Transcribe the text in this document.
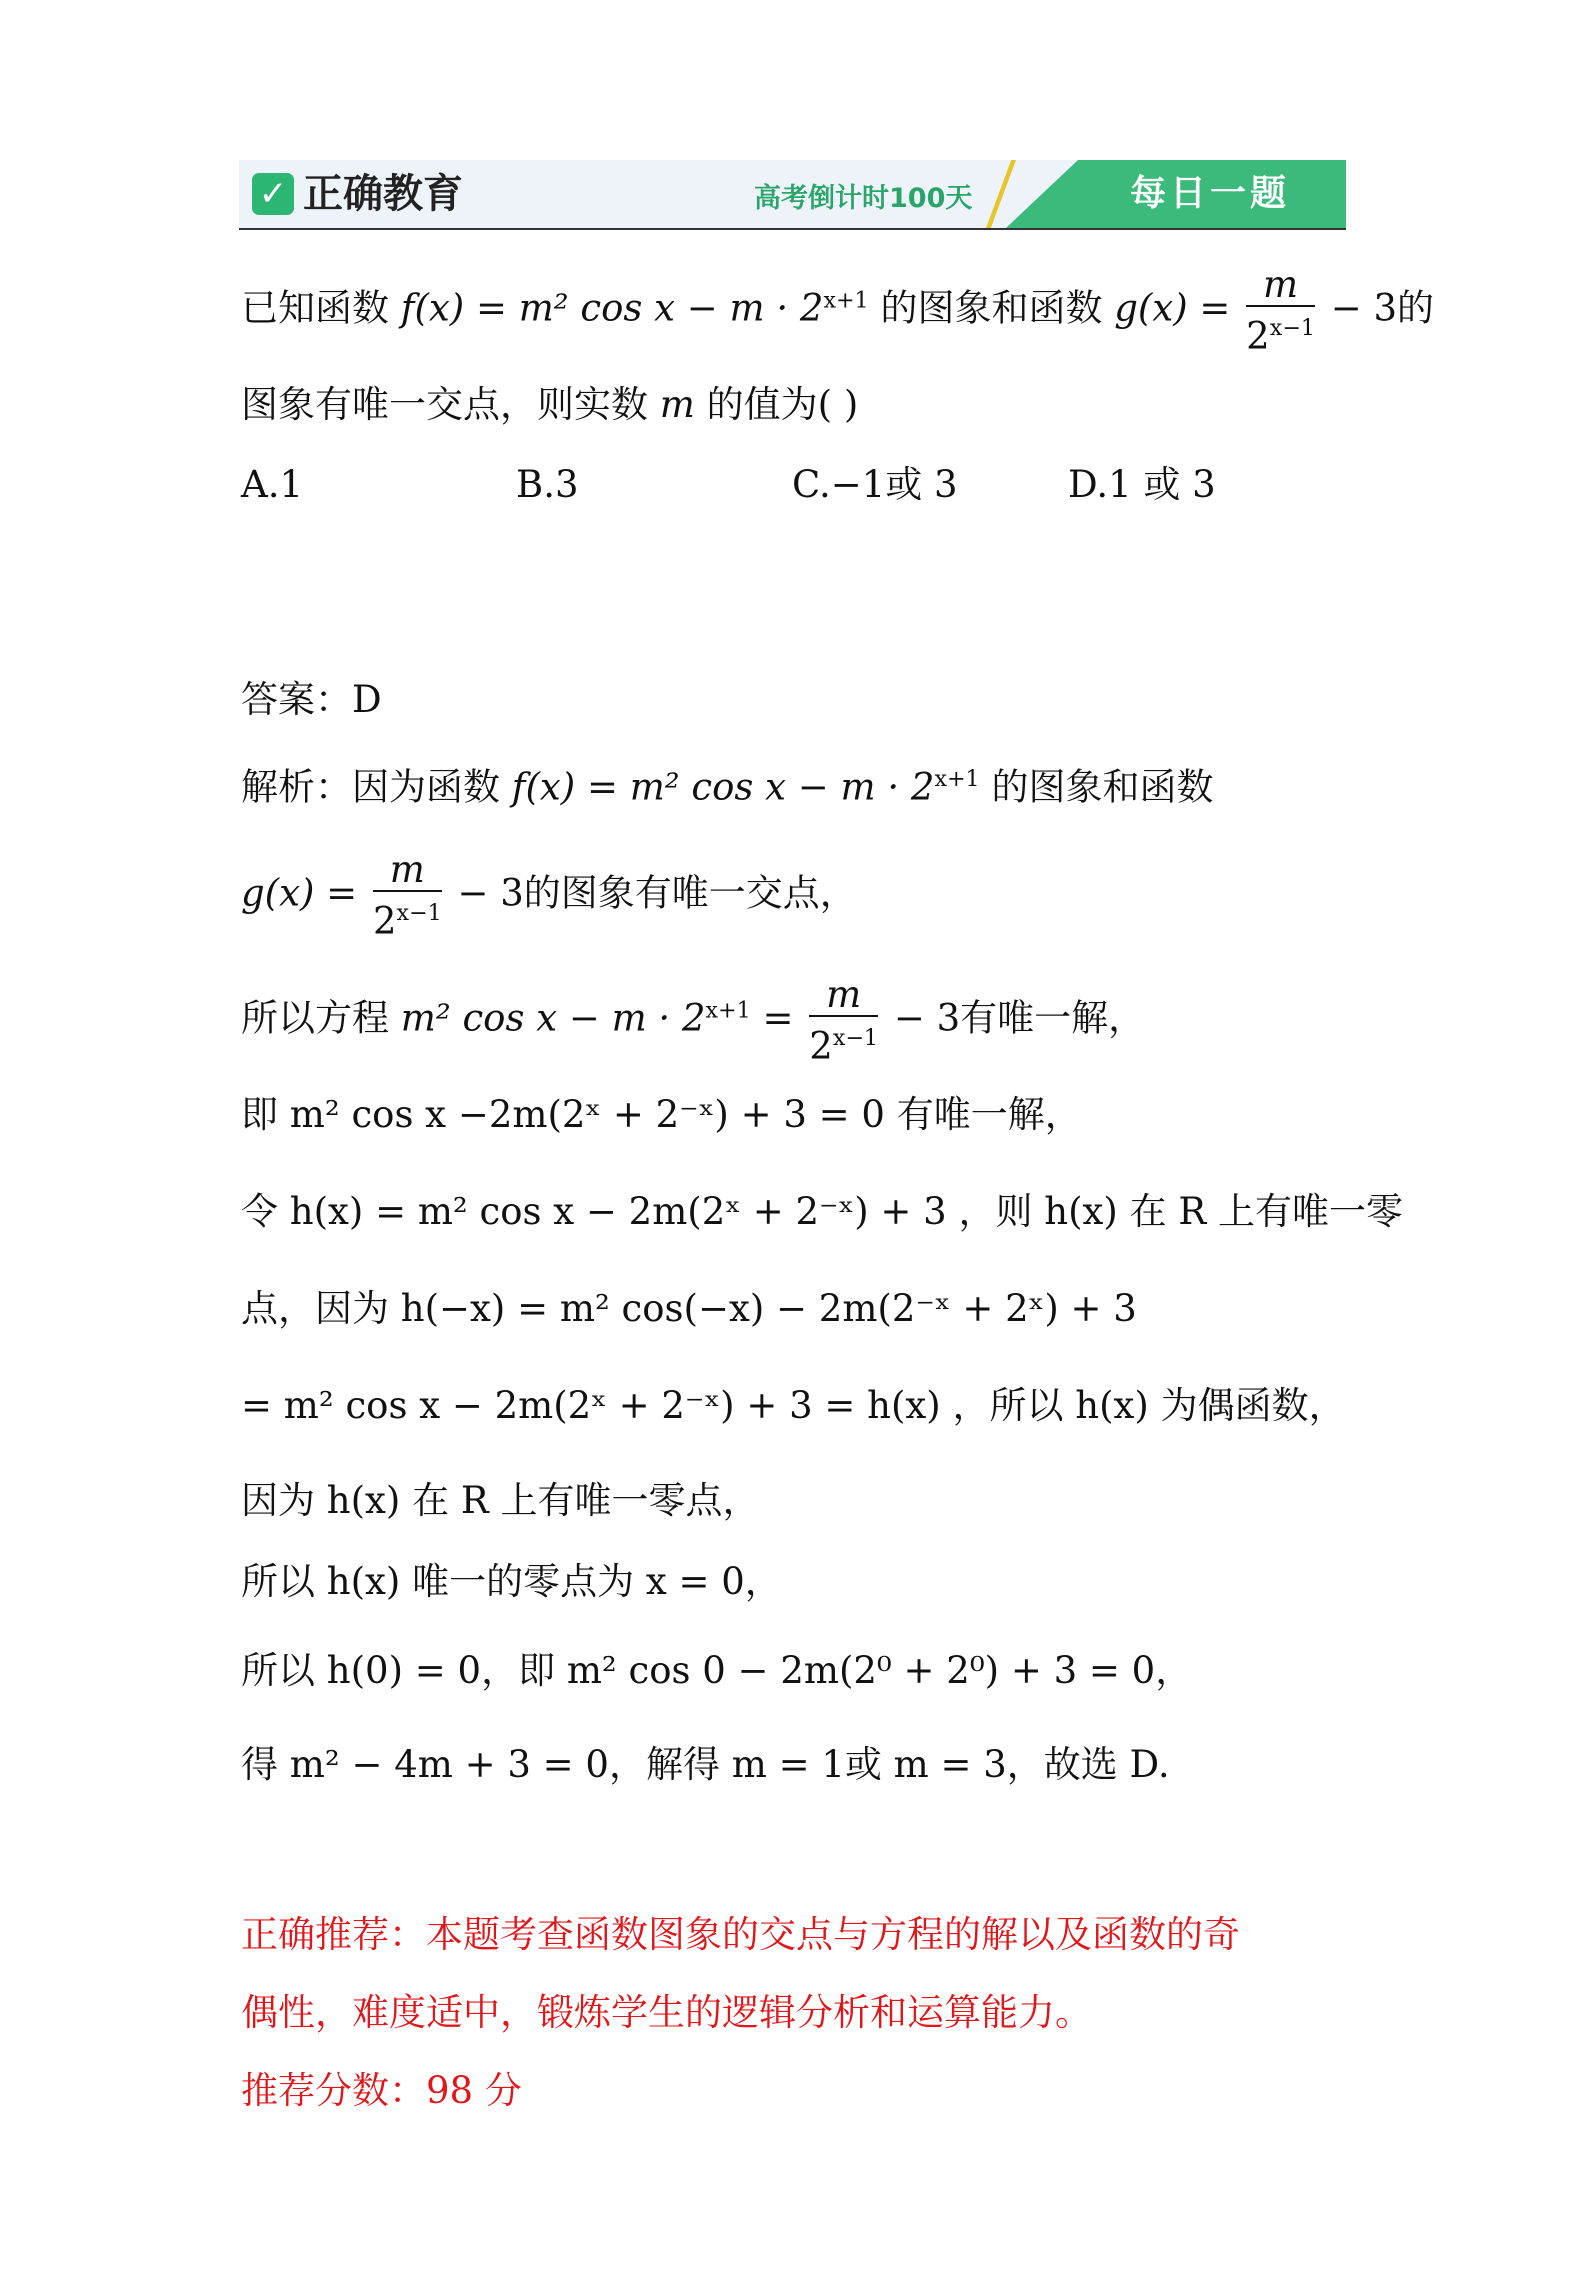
✓ 正确教育	高考倒计时100天	每日一题
已知函数 f(x) = m² $\cos x - m \cdot 2^{x+1}$ 的图象和函数 $g(x) = \frac{m}{2^{x-1}} - 3$的
图象有唯一交点，则实数 m 的值为( )
A.1	B.3	C.−1或 3	D.1 或 3
答案：D
解析：因为函数 f(x) = m² $\cos x - m \cdot 2^{x+1}$ 的图象和函数
$g(x) = \frac{m}{2^{x-1}} - 3$的图象有唯一交点，
所以方程 m² $\cos x - m \cdot 2^{x+1} = \frac{m}{2^{x-1}} - 3$有唯一解，
即 m² cos x −2m(2ˣ + 2⁻ˣ) + 3 = 0 有唯一解，
令 h(x) = m² cos x − 2m(2ˣ + 2⁻ˣ) + 3 ，则 h(x) 在 R 上有唯一零
点，因为 h(−x) = m² cos(−x) − 2m(2⁻ˣ + 2ˣ) + 3
= m² cos x − 2m(2ˣ + 2⁻ˣ) + 3 = h(x) ，所以 h(x) 为偶函数，
因为 h(x) 在 R 上有唯一零点，
所以 h(x) 唯一的零点为 x = 0，
所以 h(0) = 0，即 m² cos 0 − 2m(2⁰ + 2⁰) + 3 = 0，
得 m² − 4m + 3 = 0，解得 m = 1或 m = 3，故选 D.
正确推荐：本题考查函数图象的交点与方程的解以及函数的奇
偶性，难度适中，锻炼学生的逻辑分析和运算能力。
推荐分数：98 分
